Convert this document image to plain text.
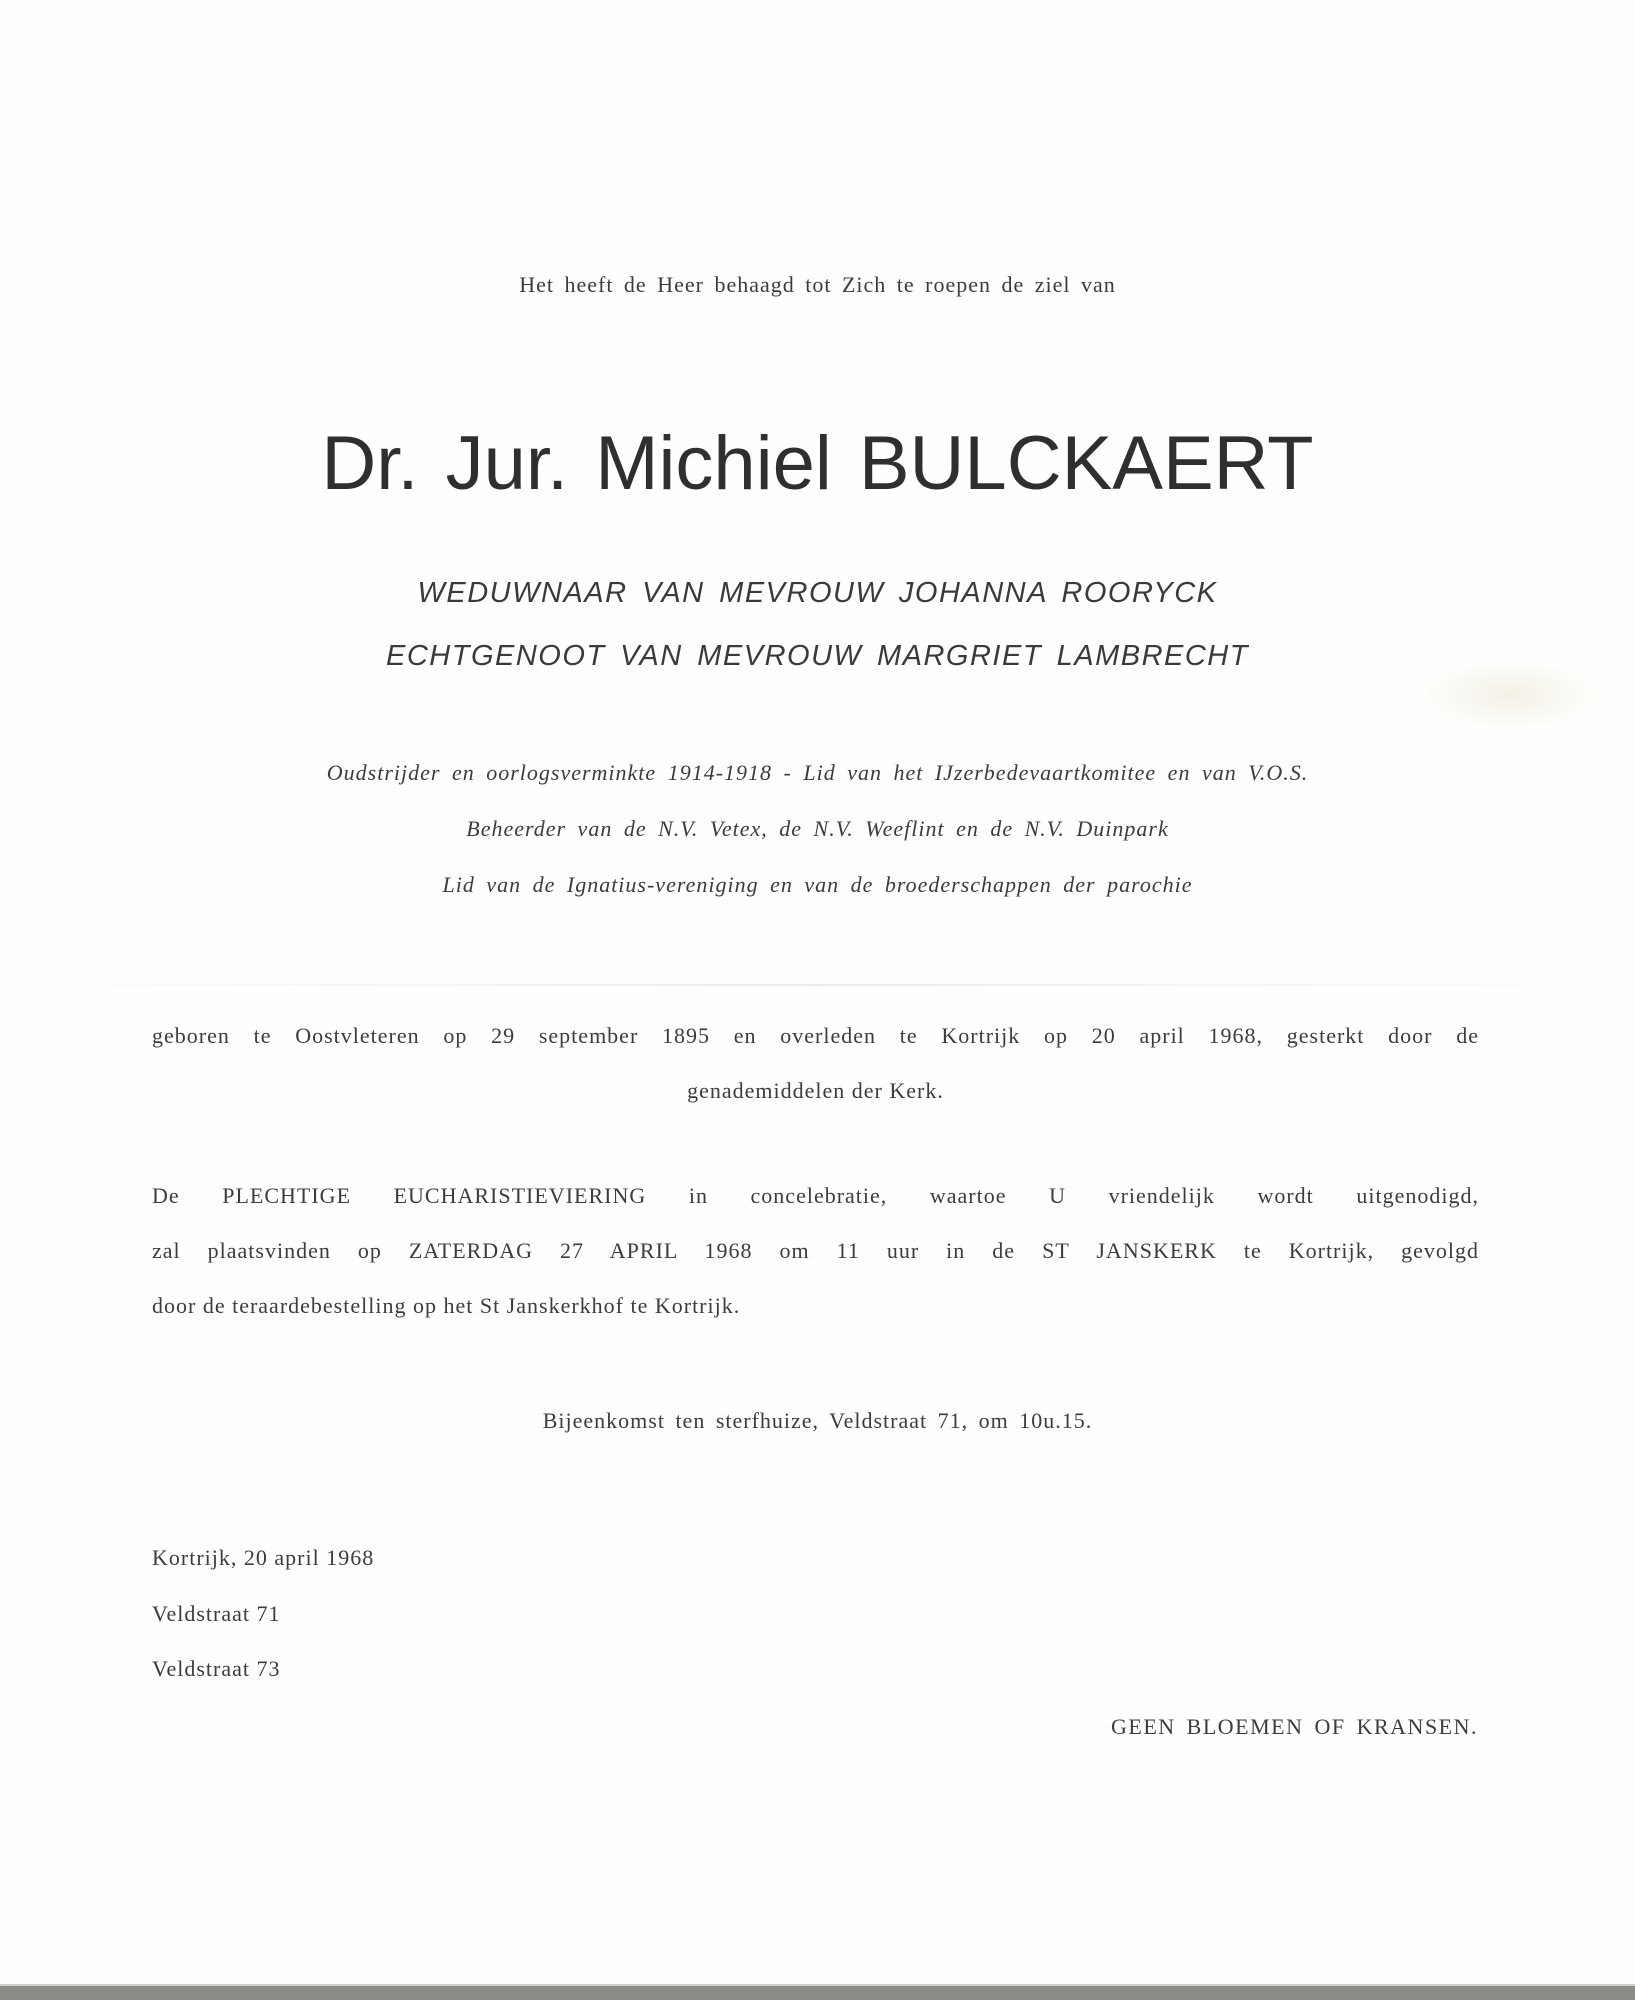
Het heeft de Heer behaagd tot Zich te roepen de ziel van
Dr. Jur. Michiel BULCKAERT
WEDUWNAAR VAN MEVROUW JOHANNA ROORYCK
ECHTGENOOT VAN MEVROUW MARGRIET LAMBRECHT
Oudstrijder en oorlogsverminkte 1914-1918 - Lid van het IJzerbedevaartkomitee en van V.O.S.
Beheerder van de N.V. Vetex, de N.V. Weeflint en de N.V. Duinpark
Lid van de Ignatius-vereniging en van de broederschappen der parochie
geboren te Oostvleteren op 29 september 1895 en overleden te Kortrijk op 20 april 1968, gesterkt door de
genademiddelen der Kerk.
De PLECHTIGE EUCHARISTIEVIERING in concelebratie, waartoe U vriendelijk wordt uitgenodigd,
zal plaatsvinden op ZATERDAG 27 APRIL 1968 om 11 uur in de ST JANSKERK te Kortrijk, gevolgd
door de teraardebestelling op het St Janskerkhof te Kortrijk.
Bijeenkomst ten sterfhuize, Veldstraat 71, om 10u.15.
Kortrijk, 20 april 1968
Veldstraat 71
Veldstraat 73
GEEN BLOEMEN OF KRANSEN.
